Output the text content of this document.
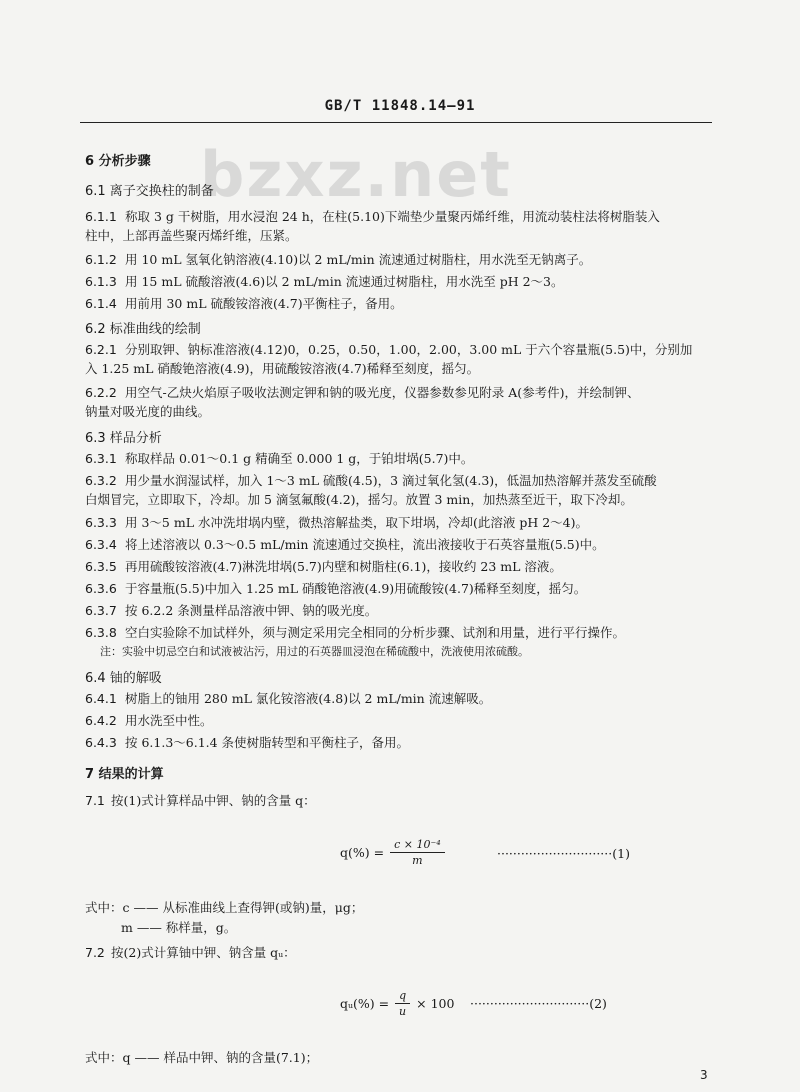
GB/T 11848.14—91
bzxz.net
6 分析步骤
6.1 离子交换柱的制备
6.1.1 称取 3 g 干树脂，用水浸泡 24 h，在柱(5.10)下端垫少量聚丙烯纤维，用流动装柱法将树脂装入
柱中，上部再盖些聚丙烯纤维，压紧。
6.1.2 用 10 mL 氢氧化钠溶液(4.10)以 2 mL/min 流速通过树脂柱，用水洗至无钠离子。
6.1.3 用 15 mL 硫酸溶液(4.6)以 2 mL/min 流速通过树脂柱，用水洗至 pH 2～3。
6.1.4 用前用 30 mL 硫酸铵溶液(4.7)平衡柱子，备用。
6.2 标准曲线的绘制
6.2.1 分别取钾、钠标准溶液(4.12)0，0.25，0.50，1.00，2.00，3.00 mL 于六个容量瓶(5.5)中，分别加
入 1.25 mL 硝酸铯溶液(4.9)，用硫酸铵溶液(4.7)稀释至刻度，摇匀。
6.2.2 用空气-乙炔火焰原子吸收法测定钾和钠的吸光度，仪器参数参见附录 A(参考件)，并绘制钾、
钠量对吸光度的曲线。
6.3 样品分析
6.3.1 称取样品 0.01～0.1 g 精确至 0.000 1 g，于铂坩埚(5.7)中。
6.3.2 用少量水润湿试样，加入 1～3 mL 硫酸(4.5)，3 滴过氧化氢(4.3)，低温加热溶解并蒸发至硫酸
白烟冒完，立即取下，冷却。加 5 滴氢氟酸(4.2)，摇匀。放置 3 min，加热蒸至近干，取下冷却。
6.3.3 用 3～5 mL 水冲洗坩埚内壁，微热溶解盐类，取下坩埚，冷却(此溶液 pH 2～4)。
6.3.4 将上述溶液以 0.3～0.5 mL/min 流速通过交换柱，流出液接收于石英容量瓶(5.5)中。
6.3.5 再用硫酸铵溶液(4.7)淋洗坩埚(5.7)内壁和树脂柱(6.1)，接收约 23 mL 溶液。
6.3.6 于容量瓶(5.5)中加入 1.25 mL 硝酸铯溶液(4.9)用硫酸铵(4.7)稀释至刻度，摇匀。
6.3.7 按 6.2.2 条测量样品溶液中钾、钠的吸光度。
6.3.8 空白实验除不加试样外，须与测定采用完全相同的分析步骤、试剂和用量，进行平行操作。
注：实验中切忌空白和试液被沾污，用过的石英器皿浸泡在稀硫酸中，洗液使用浓硫酸。
6.4 铀的解吸
6.4.1 树脂上的铀用 280 mL 氯化铵溶液(4.8)以 2 mL/min 流速解吸。
6.4.2 用水洗至中性。
6.4.3 按 6.1.3～6.1.4 条使树脂转型和平衡柱子，备用。
7 结果的计算
7.1 按(1)式计算样品中钾、钠的含量 q：
$q(\%) = \frac{\text{c × 10⁻⁴}}{m}$	·····························(1)
式中：c —— 从标准曲线上查得钾(或钠)量，μg；
m —— 称样量，g。
7.2 按(2)式计算铀中钾、钠含量 qᵤ：
qᵤ(%) = $\frac{q}{u} \times 100 \cdot\cdot\cdot\cdot\cdot\cdot\cdot\cdot\cdot\cdot\cdot\cdot\cdot\cdot\cdot\cdot\cdot\cdot\cdot\cdot\cdot\cdot\cdot\cdot\cdot\cdot\cdot\cdot\cdot\cdot(2)$
式中：q —— 样品中钾、钠的含量(7.1)；
3
